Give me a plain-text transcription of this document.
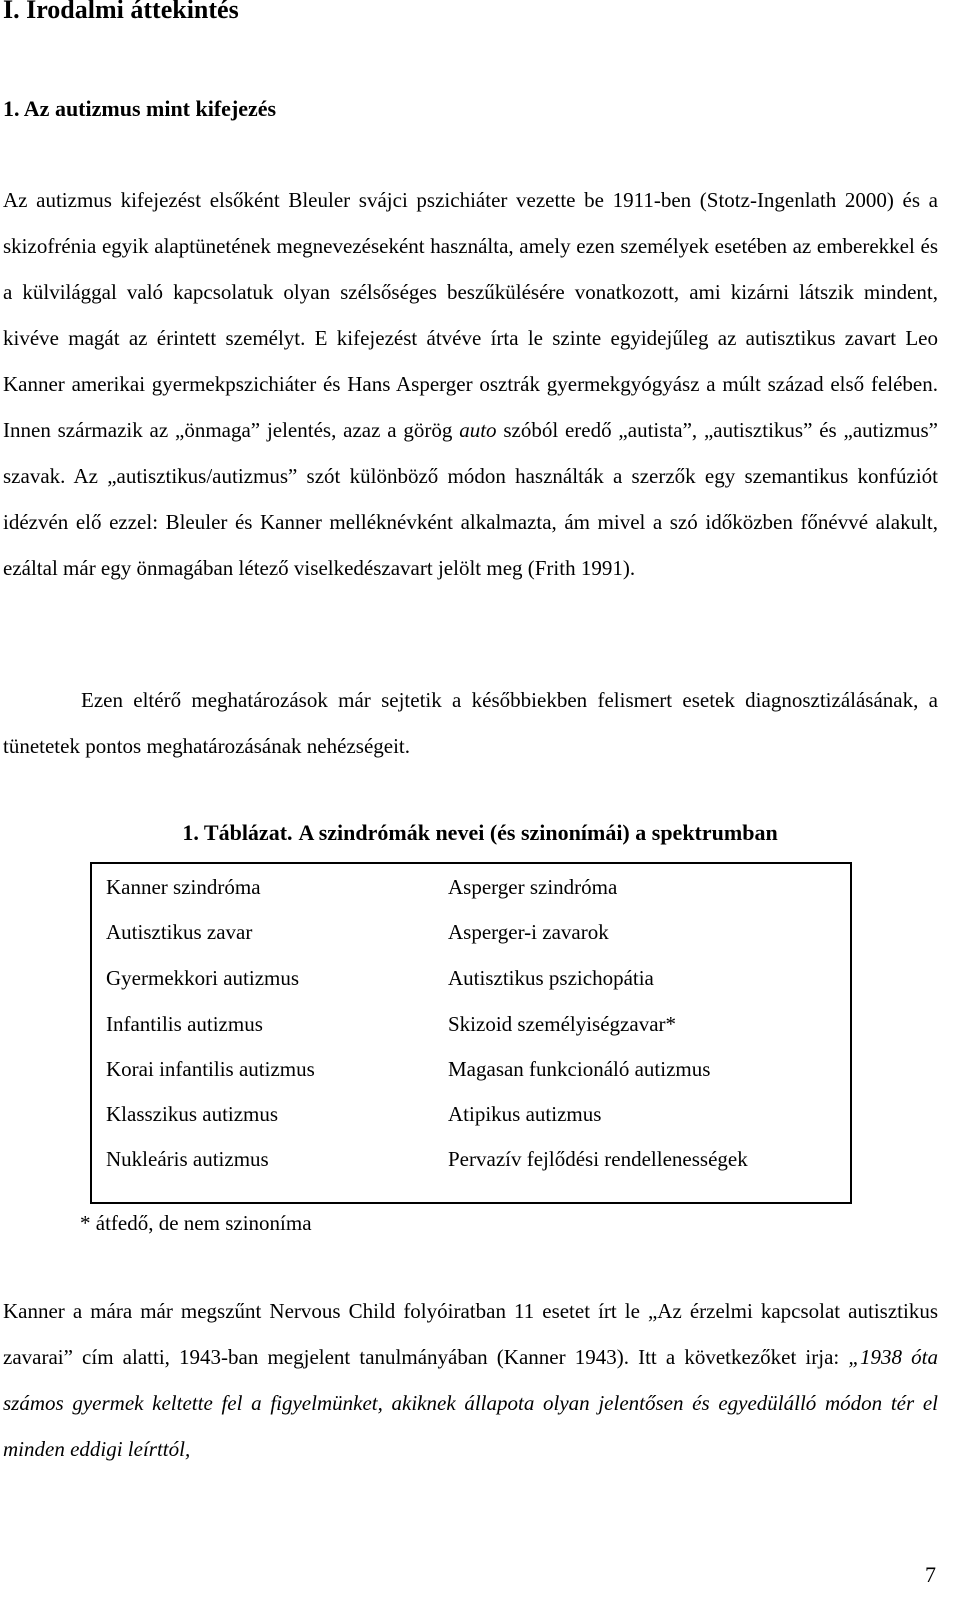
I. Irodalmi áttekintés
1. Az autizmus mint kifejezés
Az autizmus kifejezést elsőként Bleuler svájci pszichiáter vezette be 1911-ben (Stotz-Ingenlath 2000) és a skizofrénia egyik alaptünetének megnevezéseként használta, amely ezen személyek esetében az emberekkel és a külvilággal való kapcsolatuk olyan szélsőséges beszűkülésére vonatkozott, ami kizárni látszik mindent, kivéve magát az érintett személyt. E kifejezést átvéve írta le szinte egyidejűleg az autisztikus zavart Leo Kanner amerikai gyermekpszichiáter és Hans Asperger osztrák gyermekgyógyász a múlt század első felében. Innen származik az „önmaga” jelentés, azaz a görög auto szóból eredő „autista”, „autisztikus” és „autizmus” szavak. Az „autisztikus/autizmus” szót különböző módon használták a szerzők egy szemantikus konfúziót idézvén elő ezzel: Bleuler és Kanner melléknévként alkalmazta, ám mivel a szó időközben főnévvé alakult, ezáltal már egy önmagában létező viselkedészavart jelölt meg (Frith 1991).
Ezen eltérő meghatározások már sejtetik a későbbiekben felismert esetek diagnosztizálásának, a tünetetek pontos meghatározásának nehézségeit.
1. Táblázat. A szindrómák nevei (és szinonímái) a spektrumban
Kanner szindróma	Asperger szindróma
Autisztikus zavar	Asperger-i zavarok
Gyermekkori autizmus	Autisztikus pszichopátia
Infantilis autizmus	Skizoid személyiségzavar*
Korai infantilis autizmus	Magasan funkcionáló autizmus
Klasszikus autizmus	Atipikus autizmus
Nukleáris autizmus	Pervazív fejlődési rendellenességek
* átfedő, de nem szinoníma
Kanner a mára már megszűnt Nervous Child folyóiratban 11 esetet írt le „Az érzelmi kapcsolat autisztikus zavarai” cím alatti, 1943-ban megjelent tanulmányában (Kanner 1943). Itt a következőket irja: „1938 óta számos gyermek keltette fel a figyelmünket, akiknek állapota olyan jelentősen és egyedülálló módon tér el minden eddigi leírttól,
7
